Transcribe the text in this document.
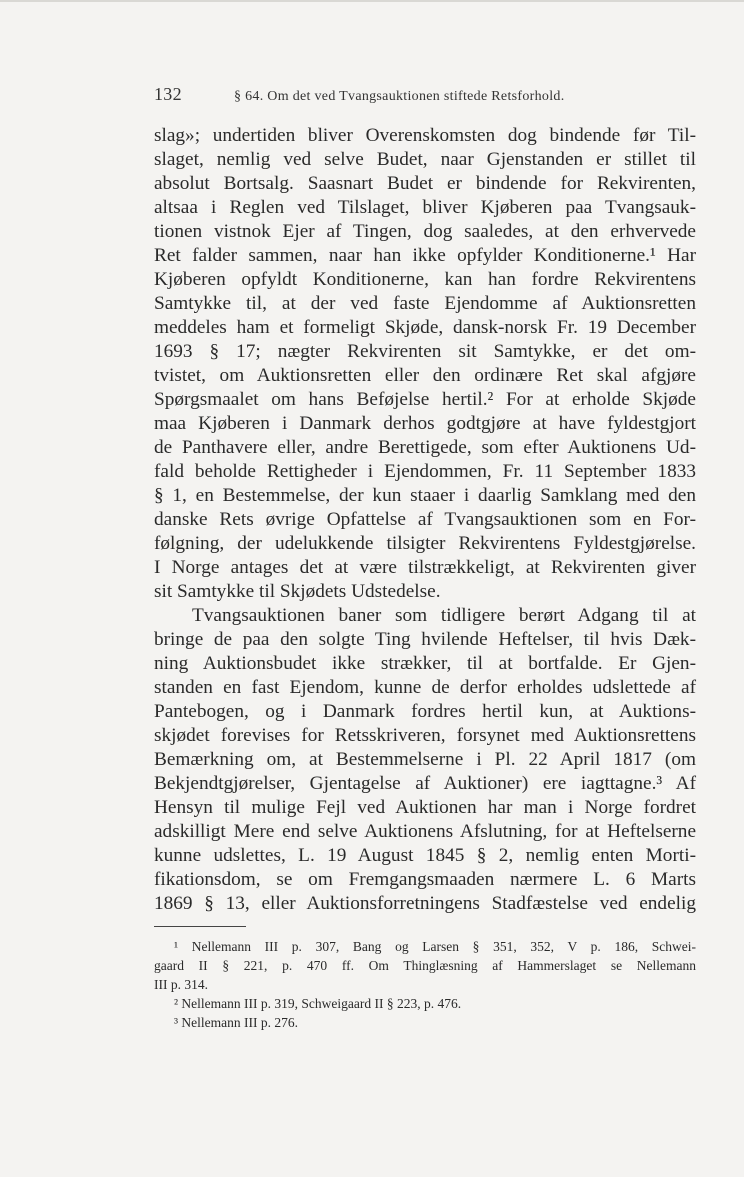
132	§ 64. Om det ved Tvangsauktionen stiftede Retsforhold.
slag»; undertiden bliver Overenskomsten dog bindende før Til-
slaget, nemlig ved selve Budet, naar Gjenstanden er stillet til
absolut Bortsalg. Saasnart Budet er bindende for Rekvirenten,
altsaa i Reglen ved Tilslaget, bliver Kjøberen paa Tvangsauk-
tionen vistnok Ejer af Tingen, dog saaledes, at den erhvervede
Ret falder sammen, naar han ikke opfylder Konditionerne.¹ Har
Kjøberen opfyldt Konditionerne, kan han fordre Rekvirentens
Samtykke til, at der ved faste Ejendomme af Auktionsretten
meddeles ham et formeligt Skjøde, dansk-norsk Fr. 19 December
1693 § 17; nægter Rekvirenten sit Samtykke, er det om-
tvistet, om Auktionsretten eller den ordinære Ret skal afgjøre
Spørgsmaalet om hans Beføjelse hertil.² For at erholde Skjøde
maa Kjøberen i Danmark derhos godtgjøre at have fyldestgjort
de Panthavere eller, andre Berettigede, som efter Auktionens Ud-
fald beholde Rettigheder i Ejendommen, Fr. 11 September 1833
§ 1, en Bestemmelse, der kun staaer i daarlig Samklang med den
danske Rets øvrige Opfattelse af Tvangsauktionen som en For-
følgning, der udelukkende tilsigter Rekvirentens Fyldestgjørelse.
I Norge antages det at være tilstrækkeligt, at Rekvirenten giver
sit Samtykke til Skjødets Udstedelse.
Tvangsauktionen baner som tidligere berørt Adgang til at
bringe de paa den solgte Ting hvilende Heftelser, til hvis Dæk-
ning Auktionsbudet ikke strækker, til at bortfalde. Er Gjen-
standen en fast Ejendom, kunne de derfor erholdes udslettede af
Pantebogen, og i Danmark fordres hertil kun, at Auktions-
skjødet forevises for Retsskriveren, forsynet med Auktionsrettens
Bemærkning om, at Bestemmelserne i Pl. 22 April 1817 (om
Bekjendtgjørelser, Gjentagelse af Auktioner) ere iagttagne.³ Af
Hensyn til mulige Fejl ved Auktionen har man i Norge fordret
adskilligt Mere end selve Auktionens Afslutning, for at Heftelserne
kunne udslettes, L. 19 August 1845 § 2, nemlig enten Morti-
fikationsdom, se om Fremgangsmaaden nærmere L. 6 Marts
1869 § 13, eller Auktionsforretningens Stadfæstelse ved endelig
¹ Nellemann III p. 307, Bang og Larsen § 351, 352, V p. 186, Schwei-
gaard II § 221, p. 470 ff. Om Thinglæsning af Hammerslaget se Nellemann
III p. 314.
² Nellemann III p. 319, Schweigaard II § 223, p. 476.
³ Nellemann III p. 276.
